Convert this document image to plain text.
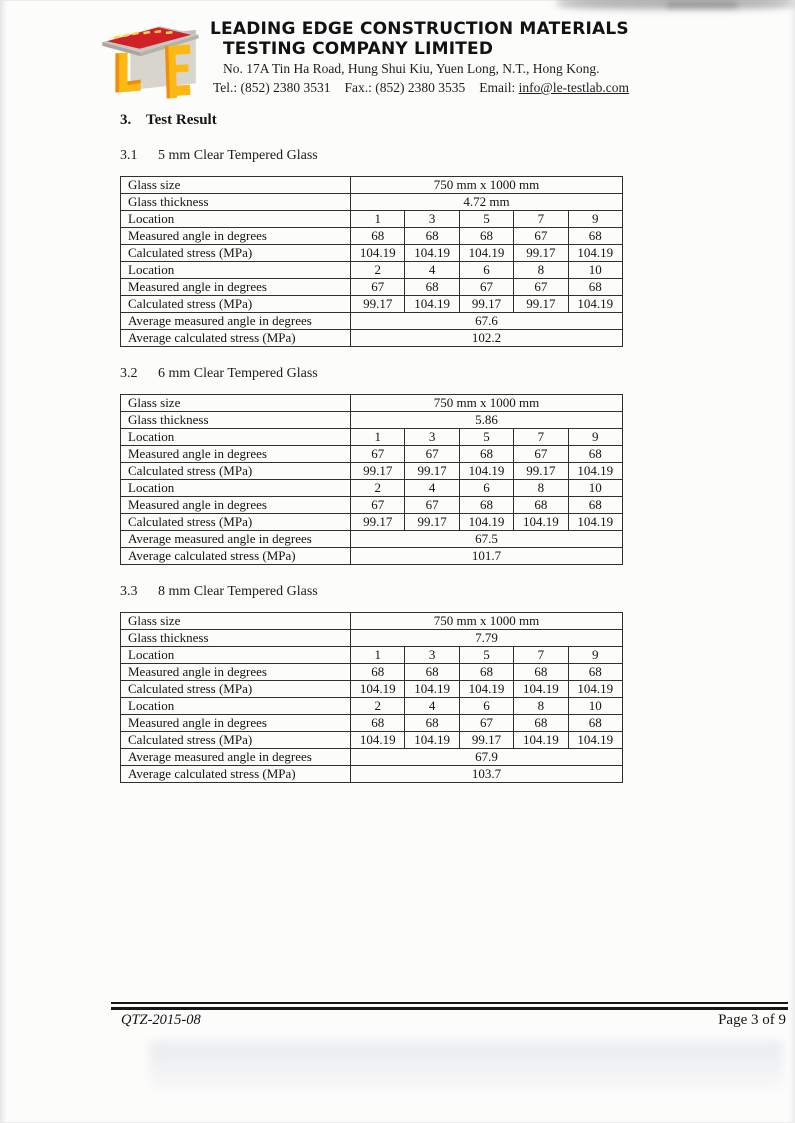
LEADING EDGE CONSTRUCTION MATERIALS
TESTING COMPANY LIMITED
No. 17A Tin Ha Road, Hung Shui Kiu, Yuen Long, N.T., Hong Kong.
Tel.: (852) 2380 3531 Fax.: (852) 2380 3535 Email: info@le-testlab.com
3. Test Result
3.1	5 mm Clear Tempered Glass
Glass size	750 mm x 1000 mm				
Glass thickness	4.72 mm				
Location	1	3	5	7	9
Measured angle in degrees	68	68	68	67	68
Calculated stress (MPa)	104.19	104.19	104.19	99.17	104.19
Location	2	4	6	8	10
Measured angle in degrees	67	68	67	67	68
Calculated stress (MPa)	99.17	104.19	99.17	99.17	104.19
Average measured angle in degrees	67.6				
Average calculated stress (MPa)	102.2				
3.2	6 mm Clear Tempered Glass
Glass size	750 mm x 1000 mm				
Glass thickness	5.86				
Location	1	3	5	7	9
Measured angle in degrees	67	67	68	67	68
Calculated stress (MPa)	99.17	99.17	104.19	99.17	104.19
Location	2	4	6	8	10
Measured angle in degrees	67	67	68	68	68
Calculated stress (MPa)	99.17	99.17	104.19	104.19	104.19
Average measured angle in degrees	67.5				
Average calculated stress (MPa)	101.7				
3.3	8 mm Clear Tempered Glass
Glass size	750 mm x 1000 mm				
Glass thickness	7.79				
Location	1	3	5	7	9
Measured angle in degrees	68	68	68	68	68
Calculated stress (MPa)	104.19	104.19	104.19	104.19	104.19
Location	2	4	6	8	10
Measured angle in degrees	68	68	67	68	68
Calculated stress (MPa)	104.19	104.19	99.17	104.19	104.19
Average measured angle in degrees	67.9				
Average calculated stress (MPa)	103.7				
QTZ-2015-08	Page 3 of 9
